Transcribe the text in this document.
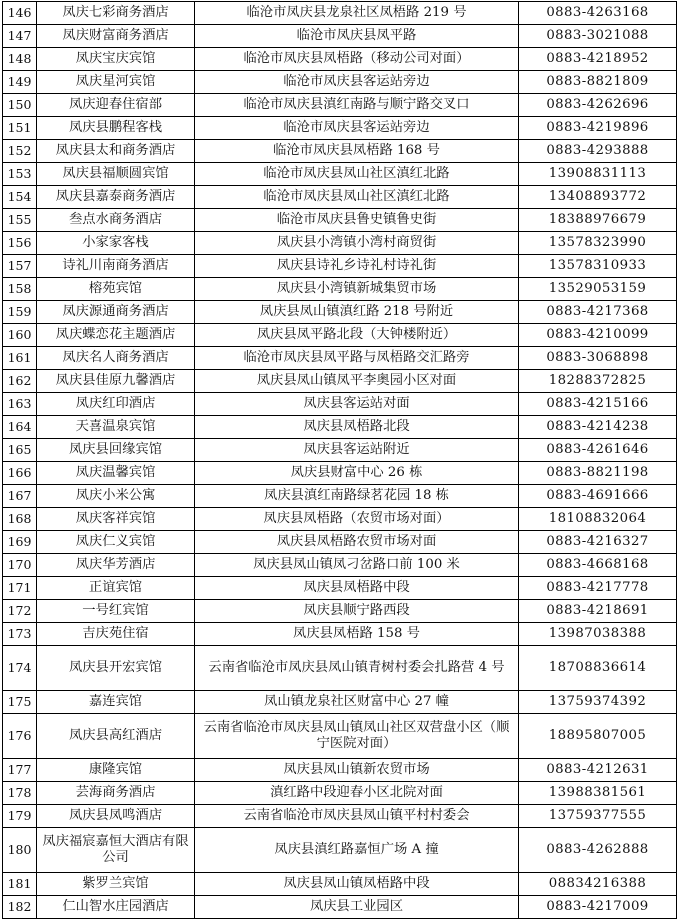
146	凤庆七彩商务酒店	临沧市凤庆县龙泉社区凤梧路 219 号	0883-4263168
147	凤庆财富商务酒店	临沧市凤庆县凤平路	0883-3021088
148	凤庆宝庆宾馆	临沧市凤庆县凤梧路（移动公司对面）	0883-4218952
149	凤庆星河宾馆	临沧市凤庆县客运站旁边	0883-8821809
150	凤庆迎春住宿部	临沧市凤庆县滇红南路与顺宁路交叉口	0883-4262696
151	凤庆县鹏程客栈	临沧市凤庆县客运站旁边	0883-4219896
152	凤庆县太和商务酒店	临沧市凤庆县凤梧路 168 号	0883-4293888
153	凤庆县福顺圆宾馆	临沧市凤庆县凤山社区滇红北路	13908831113
154	凤庆县嘉泰商务酒店	临沧市凤庆县凤山社区滇红北路	13408893772
155	叁点水商务酒店	临沧市凤庆县鲁史镇鲁史街	18388976679
156	小家家客栈	凤庆县小湾镇小湾村商贸街	13578323990
157	诗礼川南商务酒店	凤庆县诗礼乡诗礼村诗礼街	13578310933
158	榕苑宾馆	凤庆县小湾镇新城集贸市场	13529053159
159	凤庆源通商务酒店	凤庆县凤山镇滇红路 218 号附近	0883-4217368
160	凤庆蝶恋花主题酒店	凤庆县凤平路北段（大钟楼附近）	0883-4210099
161	凤庆名人商务酒店	临沧市凤庆县凤平路与凤梧路交汇路旁	0883-3068898
162	凤庆县佳原九馨酒店	凤庆县凤山镇凤平李奥园小区对面	18288372825
163	凤庆红印酒店	凤庆县客运站对面	0883-4215166
164	天喜温泉宾馆	凤庆县凤梧路北段	0883-4214238
165	凤庆县回缘宾馆	凤庆县客运站附近	0883-4261646
166	凤庆温馨宾馆	凤庆县财富中心 26 栋	0883-8821198
167	凤庆小米公寓	凤庆县滇红南路绿茗花园 18 栋	0883-4691666
168	凤庆客祥宾馆	凤庆县凤梧路（农贸市场对面）	18108832064
169	凤庆仁义宾馆	凤庆县凤梧路农贸市场对面	0883-4216327
170	凤庆华芳酒店	凤庆县凤山镇凤刁岔路口前 100 米	0883-4668168
171	正谊宾馆	凤庆县凤梧路中段	0883-4217778
172	一号红宾馆	凤庆县顺宁路西段	0883-4218691
173	吉庆苑住宿	凤庆县凤梧路 158 号	13987038388
174	凤庆县开宏宾馆	云南省临沧市凤庆县凤山镇青树村委会扎路营 4 号	18708836614
175	嘉连宾馆	凤山镇龙泉社区财富中心 27 幢	13759374392
176	凤庆县高红酒店	云南省临沧市凤庆县凤山镇凤山社区双营盘小区（顺宁医院对面）	18895807005
177	康隆宾馆	凤庆县凤山镇新农贸市场	0883-4212631
178	芸海商务酒店	滇红路中段迎春小区北院对面	13988381561
179	凤庆县凤鸣酒店	云南省临沧市凤庆县凤山镇平村村委会	13759377555
180	凤庆福宸嘉恒大酒店有限公司	凤庆县滇红路嘉恒广场 A 撞	0883-4262888
181	紫罗兰宾馆	凤庆县凤山镇凤梧路中段	08834216388
182	仁山智水庄园酒店	凤庆县工业园区	0883-4217009
